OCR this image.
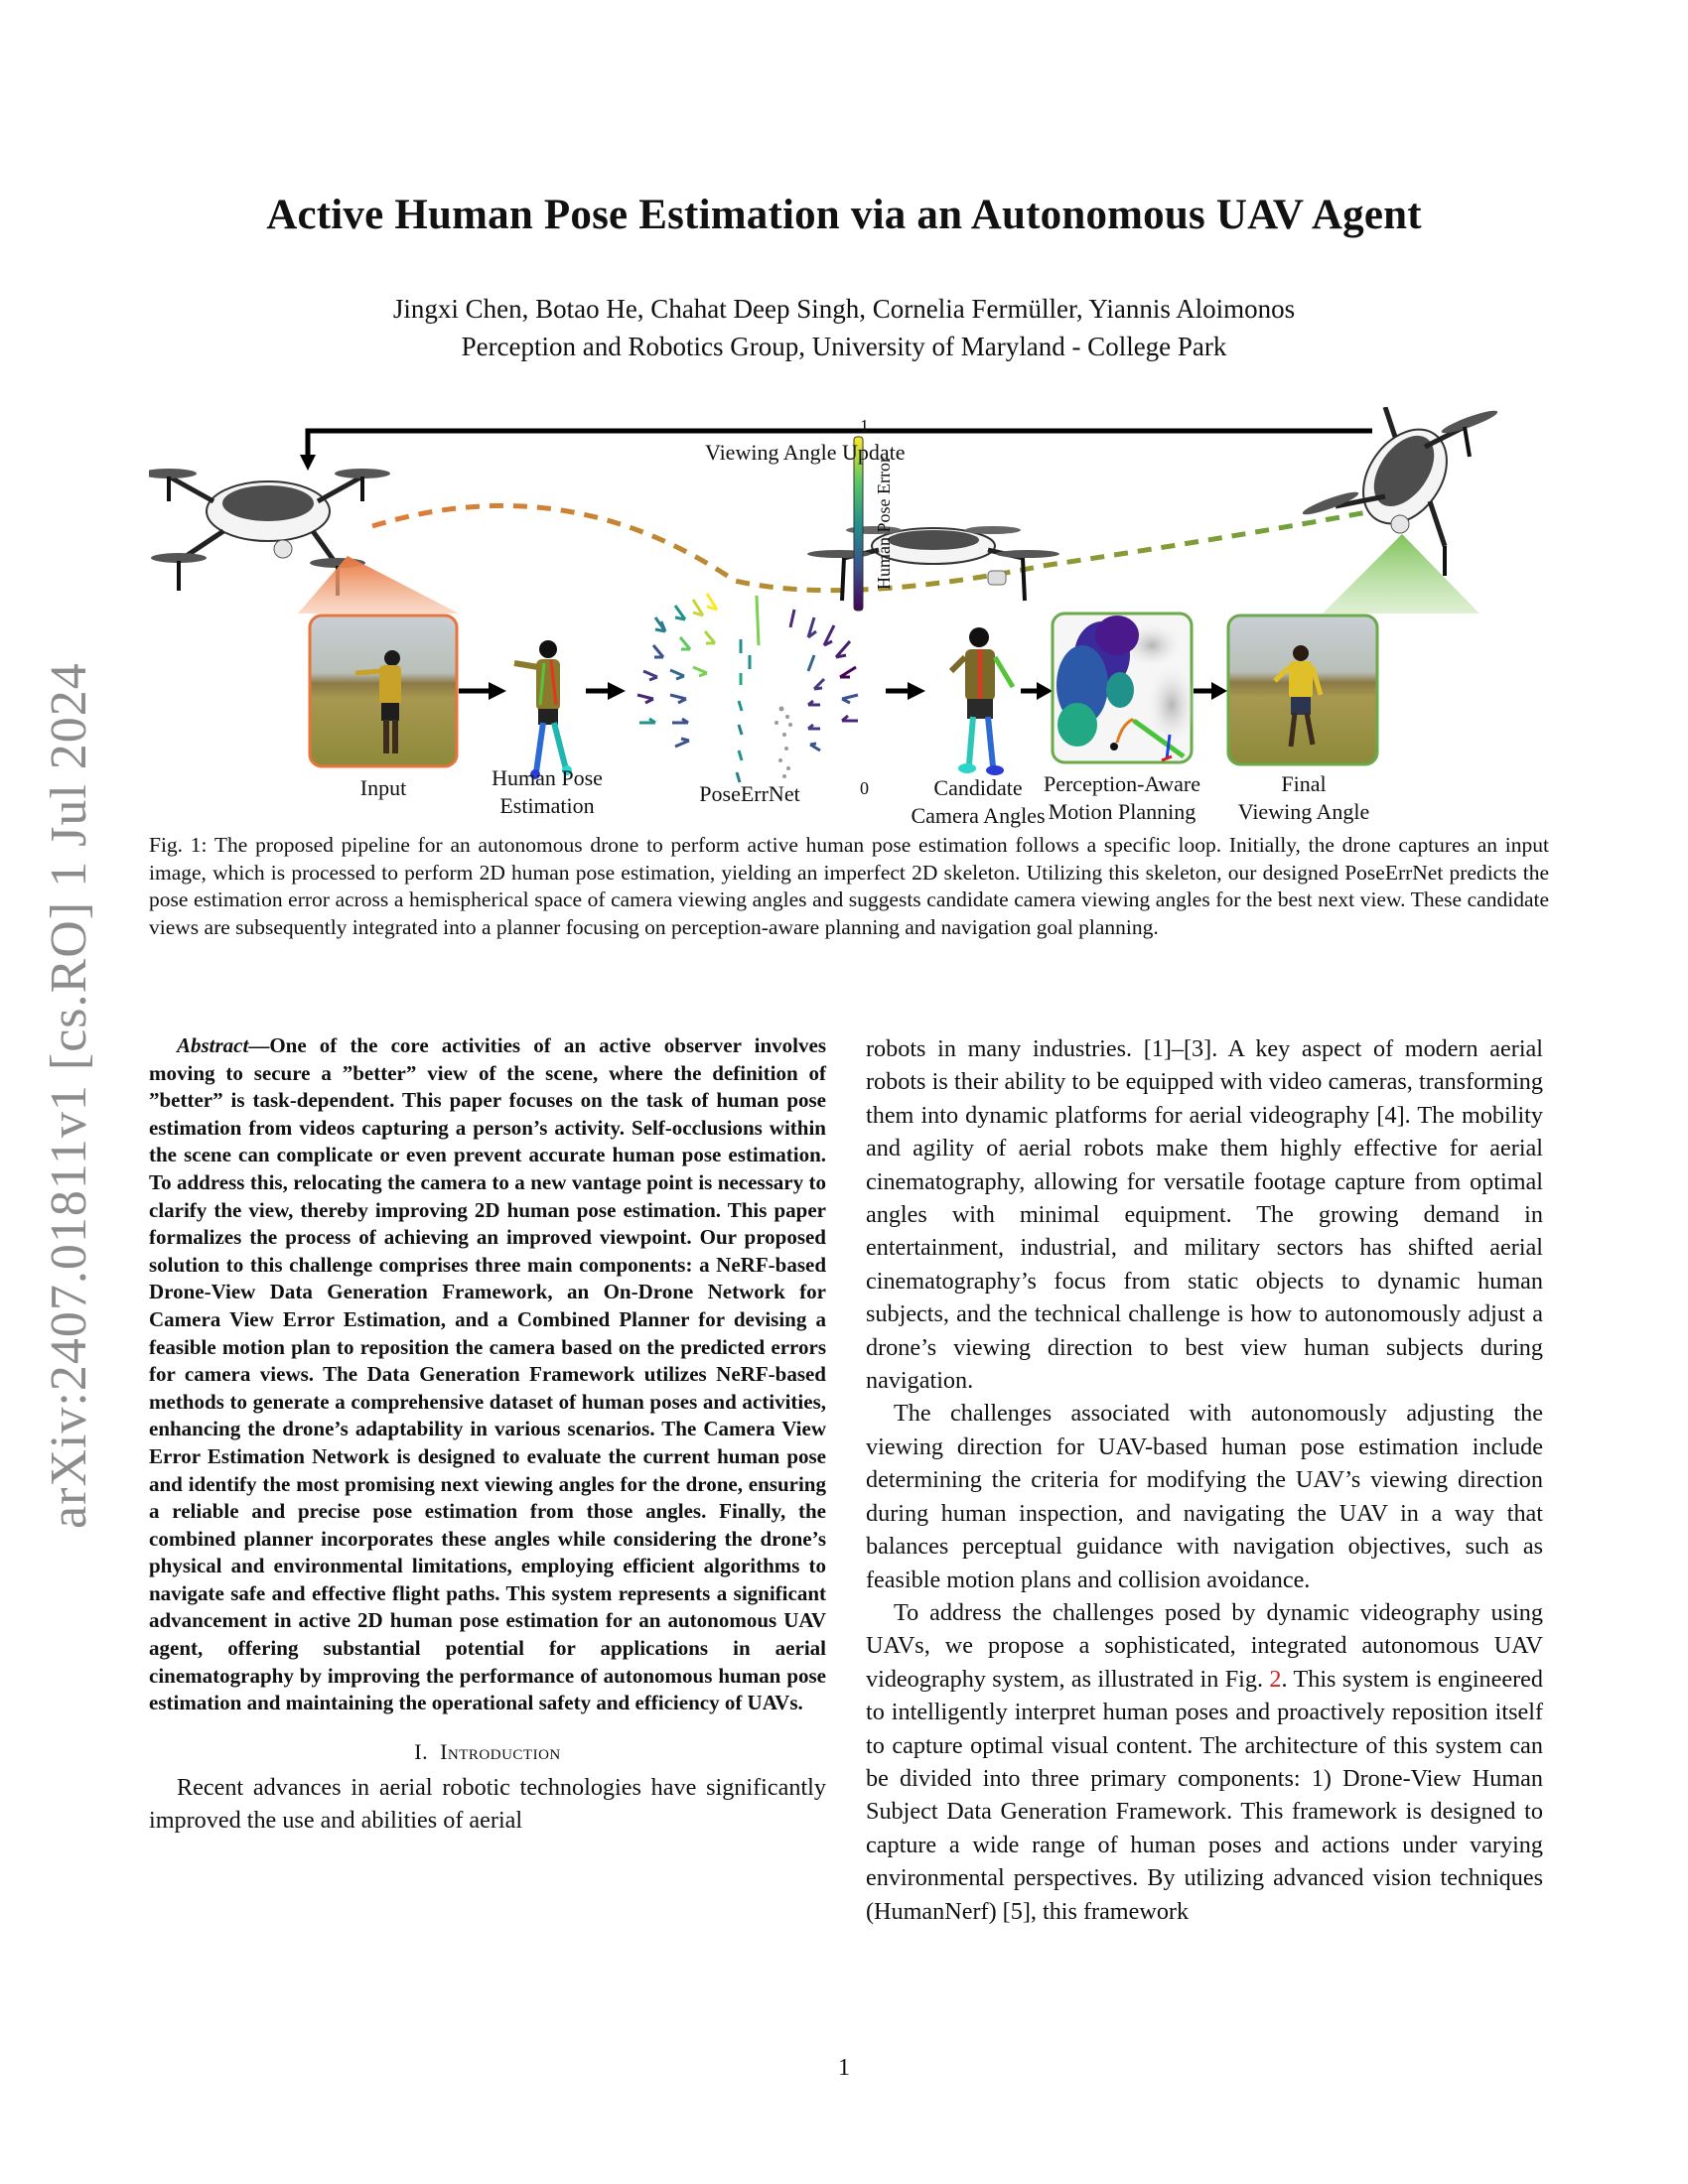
arXiv:2407.01811v1 [cs.RO] 1 Jul 2024
Active Human Pose Estimation via an Autonomous UAV Agent
Jingxi Chen, Botao He, Chahat Deep Singh, Cornelia Fermüller, Yiannis Aloimonos
Perception and Robotics Group, University of Maryland - College Park
Viewing Angle Update
1
0
Human Pose Error
Input	Human Pose
Estimation	PoseErrNet	Candidate
Camera Angles
Perception-Aware
Motion Planning
Final
Viewing Angle
Fig. 1: The proposed pipeline for an autonomous drone to perform active human pose estimation follows a specific loop. Initially, the drone captures an input image, which is processed to perform 2D human pose estimation, yielding an imperfect 2D skeleton. Utilizing this skeleton, our designed PoseErrNet predicts the pose estimation error across a hemispherical space of camera viewing angles and suggests candidate camera viewing angles for the best next view. These candidate views are subsequently integrated into a planner focusing on perception-aware planning and navigation goal planning.

Abstract—One of the core activities of an active observer involves moving to secure a ”better” view of the scene, where the definition of ”better” is task-dependent. This paper focuses on the task of human pose estimation from videos capturing a person’s activity. Self-occlusions within the scene can complicate or even prevent accurate human pose estimation. To address this, relocating the camera to a new vantage point is necessary to clarify the view, thereby improving 2D human pose estimation. This paper formalizes the process of achieving an improved viewpoint. Our proposed solution to this challenge comprises three main components: a NeRF-based Drone-View Data Generation Framework, an On-Drone Network for Camera View Error Estimation, and a Combined Planner for devising a feasible motion plan to reposition the camera based on the predicted errors for camera views. The Data Generation Framework utilizes NeRF-based methods to generate a comprehensive dataset of human poses and activities, enhancing the drone’s adaptability in various scenarios. The Camera View Error Estimation Network is designed to evaluate the current human pose and identify the most promising next viewing angles for the drone, ensuring a reliable and precise pose estimation from those angles. Finally, the combined planner incorporates these angles while considering the drone’s physical and environmental limitations, employing efficient algorithms to navigate safe and effective flight paths. This system represents a significant advancement in active 2D human pose estimation for an autonomous UAV agent, offering substantial potential for applications in aerial cinematography by improving the performance of autonomous human pose estimation and maintaining the operational safety and efficiency of UAVs.

I. Introduction

Recent advances in aerial robotic technologies have significantly improved the use and abilities of aerial

robots in many industries. [1]–[3]. A key aspect of modern aerial robots is their ability to be equipped with video cameras, transforming them into dynamic platforms for aerial videography [4]. The mobility and agility of aerial robots make them highly effective for aerial cinematography, allowing for versatile footage capture from optimal angles with minimal equipment. The growing demand in entertainment, industrial, and military sectors has shifted aerial cinematography’s focus from static objects to dynamic human subjects, and the technical challenge is how to autonomously adjust a drone’s viewing direction to best view human subjects during navigation.

The challenges associated with autonomously adjusting the viewing direction for UAV-based human pose estimation include determining the criteria for modifying the UAV’s viewing direction during human inspection, and navigating the UAV in a way that balances perceptual guidance with navigation objectives, such as feasible motion plans and collision avoidance.

To address the challenges posed by dynamic videography using UAVs, we propose a sophisticated, integrated autonomous UAV videography system, as illustrated in Fig. 2. This system is engineered to intelligently interpret human poses and proactively reposition itself to capture optimal visual content. The architecture of this system can be divided into three primary components: 1) Drone-View Human Subject Data Generation Framework. This framework is designed to capture a wide range of human poses and actions under varying environmental perspectives. By utilizing advanced vision techniques (HumanNerf) [5], this framework

1
